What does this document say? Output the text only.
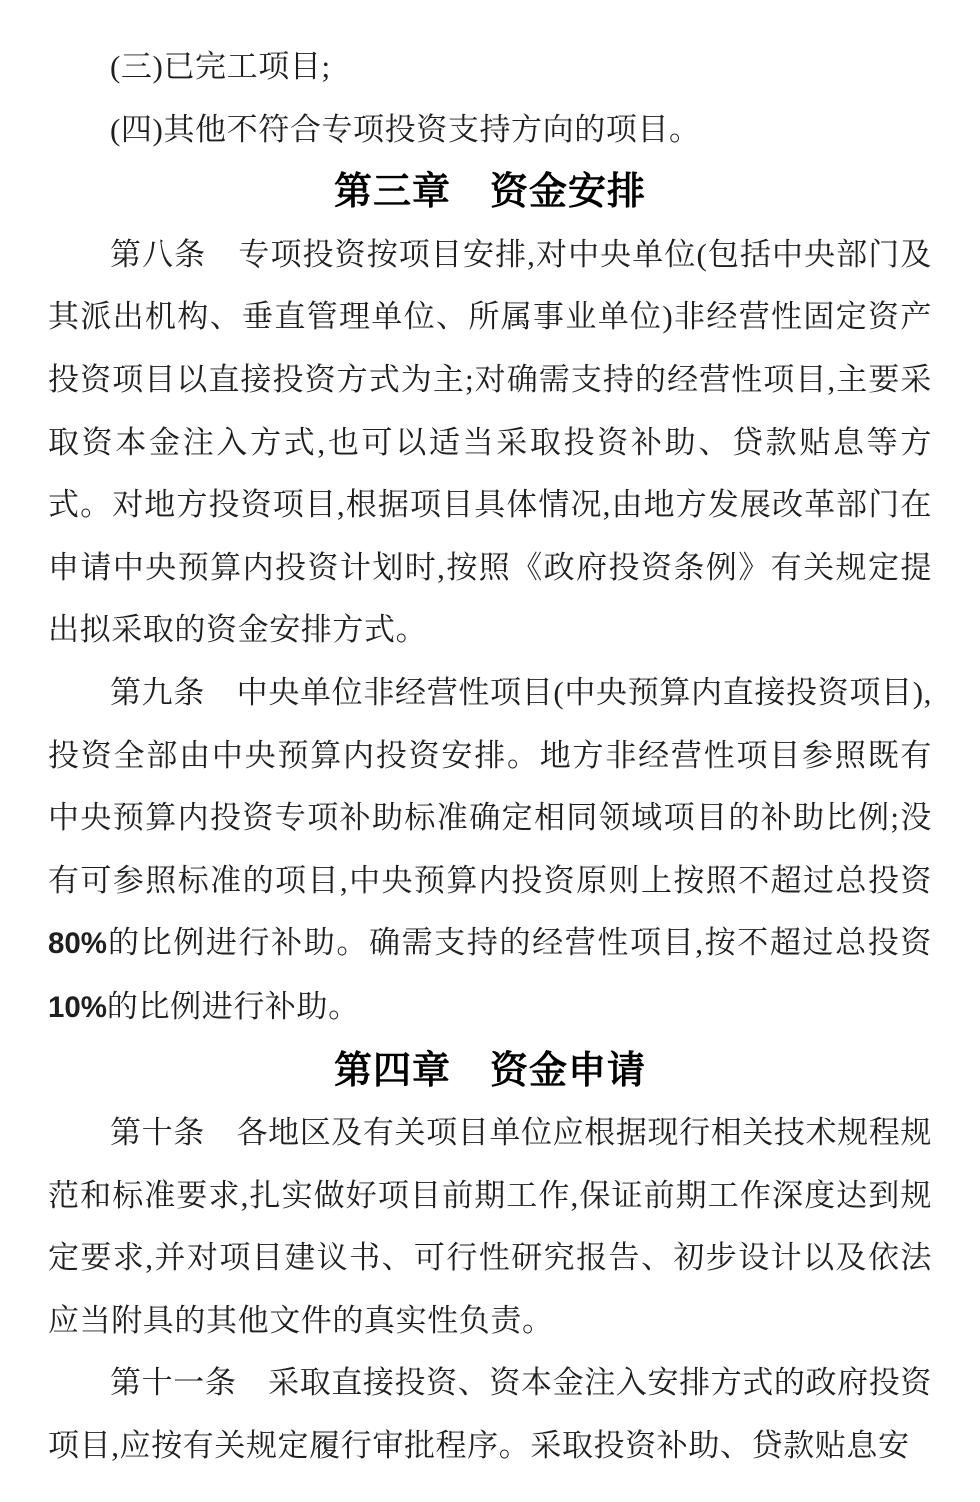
(三)已完工项目;

(四)其他不符合专项投资支持方向的项目。

第三章　资金安排

第八条　专项投资按项目安排,对中央单位(包括中央部门及其派出机构、垂直管理单位、所属事业单位)非经营性固定资产投资项目以直接投资方式为主;对确需支持的经营性项目,主要采取资本金注入方式,也可以适当采取投资补助、贷款贴息等方式。对地方投资项目,根据项目具体情况,由地方发展改革部门在申请中央预算内投资计划时,按照《政府投资条例》有关规定提出拟采取的资金安排方式。

第九条　中央单位非经营性项目(中央预算内直接投资项目),投资全部由中央预算内投资安排。地方非经营性项目参照既有中央预算内投资专项补助标准确定相同领域项目的补助比例;没有可参照标准的项目,中央预算内投资原则上按照不超过总投资80%的比例进行补助。确需支持的经营性项目,按不超过总投资10%的比例进行补助。

第四章　资金申请

第十条　各地区及有关项目单位应根据现行相关技术规程规范和标准要求,扎实做好项目前期工作,保证前期工作深度达到规定要求,并对项目建议书、可行性研究报告、初步设计以及依法应当附具的其他文件的真实性负责。

第十一条　采取直接投资、资本金注入安排方式的政府投资项目,应按有关规定履行审批程序。采取投资补助、贷款贴息安
